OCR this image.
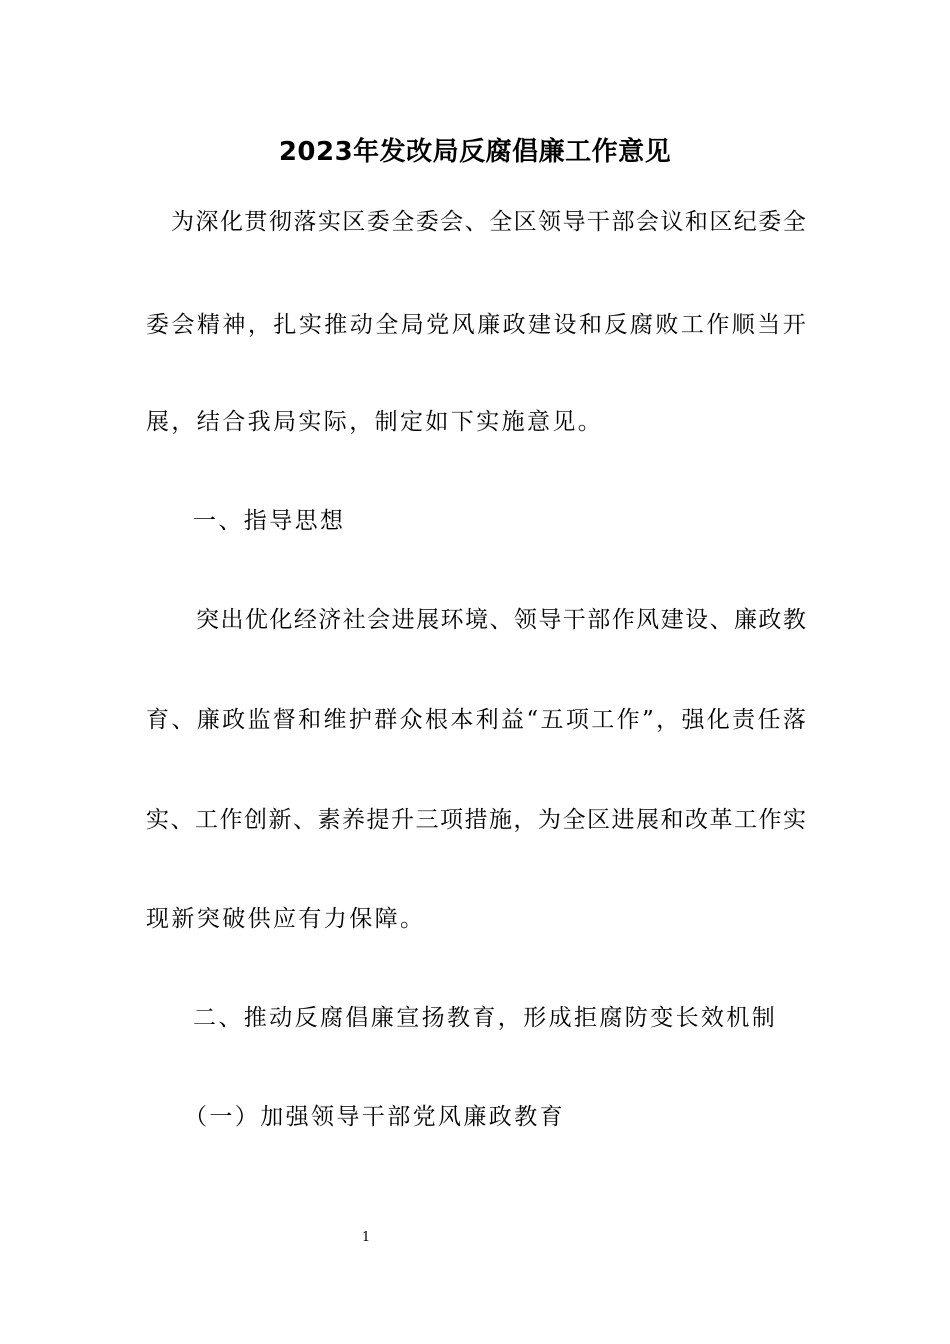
2023年发改局反腐倡廉工作意见
为 深 化 贯 彻 落 实 区 委 全 委 会 、 全 区 领 导 干 部 会 议 和 区 纪 委 全
委 会 精 神 ， 扎 实 推 动 全 局 党 风 廉 政 建 设 和 反 腐 败 工 作 顺 当 开
展，结合我局实际，制定如下实施意见。
一、指导思想
突 出 优 化 经 济 社 会 进 展 环 境 、 领 导 干 部 作 风 建 设 、 廉 政 教
育 、 廉 政 监 督 和 维 护 群 众 根 本 利 益 “ 五 项 工 作 ” ， 强 化 责 任 落
实 、 工 作 创 新 、 素 养 提 升 三 项 措 施 ， 为 全 区 进 展 和 改 革 工 作 实
现新突破供应有力保障。
二、推动反腐倡廉宣扬教育，形成拒腐防变长效机制
（一）加强领导干部党风廉政教育
1
